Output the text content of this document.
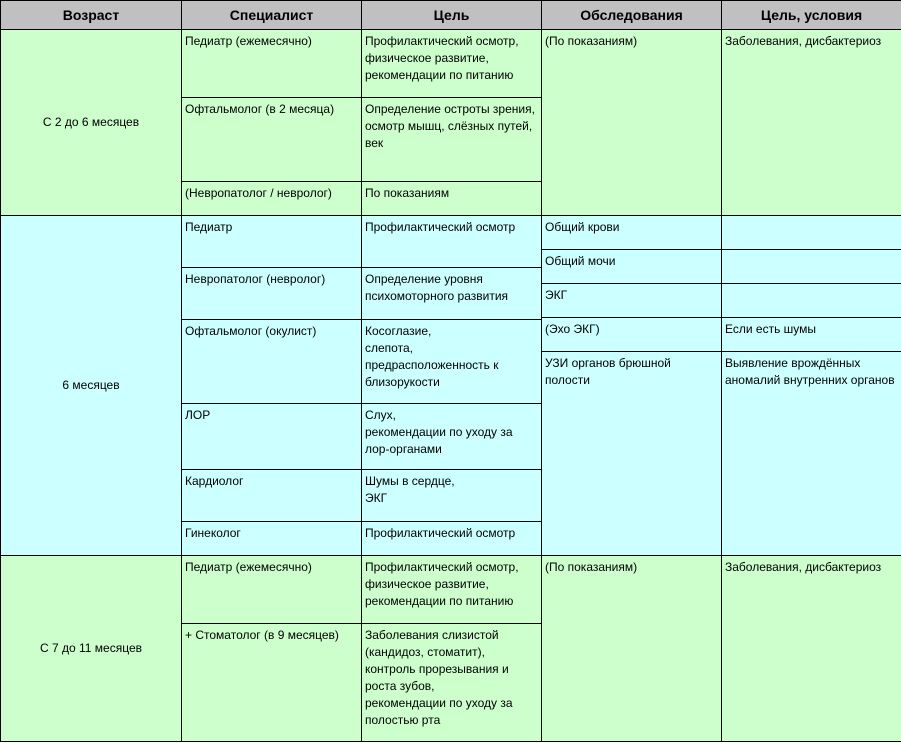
Возраст	Специалист	Цель	Обследования	Цель, условия
С 2 до 6 месяцев	Педиатр (ежемесячно)	Профилактический осмотр, физическое развитие, рекомендации по питанию	(По показаниям)	Заболевания, дисбактериоз
	Офтальмолог (в 2 месяца)	Определение остроты зрения,
осмотр мышц, слёзных путей, век		
	(Невропатолог / невролог)	По показаниям		
6 месяцев	Педиатр	Профилактический осмотр	Общий крови	
			Общий мочи	
	Невропатолог (невролог)	Определение уровня психомоторного развития		
			ЭКГ	
			(Эхо ЭКГ)	Если есть шумы
	Офтальмолог (окулист)	Косоглазие,
слепота,
предрасположенность к близорукости		
			УЗИ органов брюшной полости	Выявление врождённых аномалий внутренних органов
	ЛОР	Слух,
рекомендации по уходу за лор-органами		
	Кардиолог	Шумы в сердце,
ЭКГ		
	Гинеколог	Профилактический осмотр		
С 7 до 11 месяцев	Педиатр (ежемесячно)	Профилактический осмотр, физическое развитие, рекомендации по питанию	(По показаниям)	Заболевания, дисбактериоз
	+ Стоматолог (в 9 месяцев)	Заболевания слизистой (кандидоз, стоматит), контроль прорезывания и роста зубов,
рекомендации по уходу за полостью рта		
